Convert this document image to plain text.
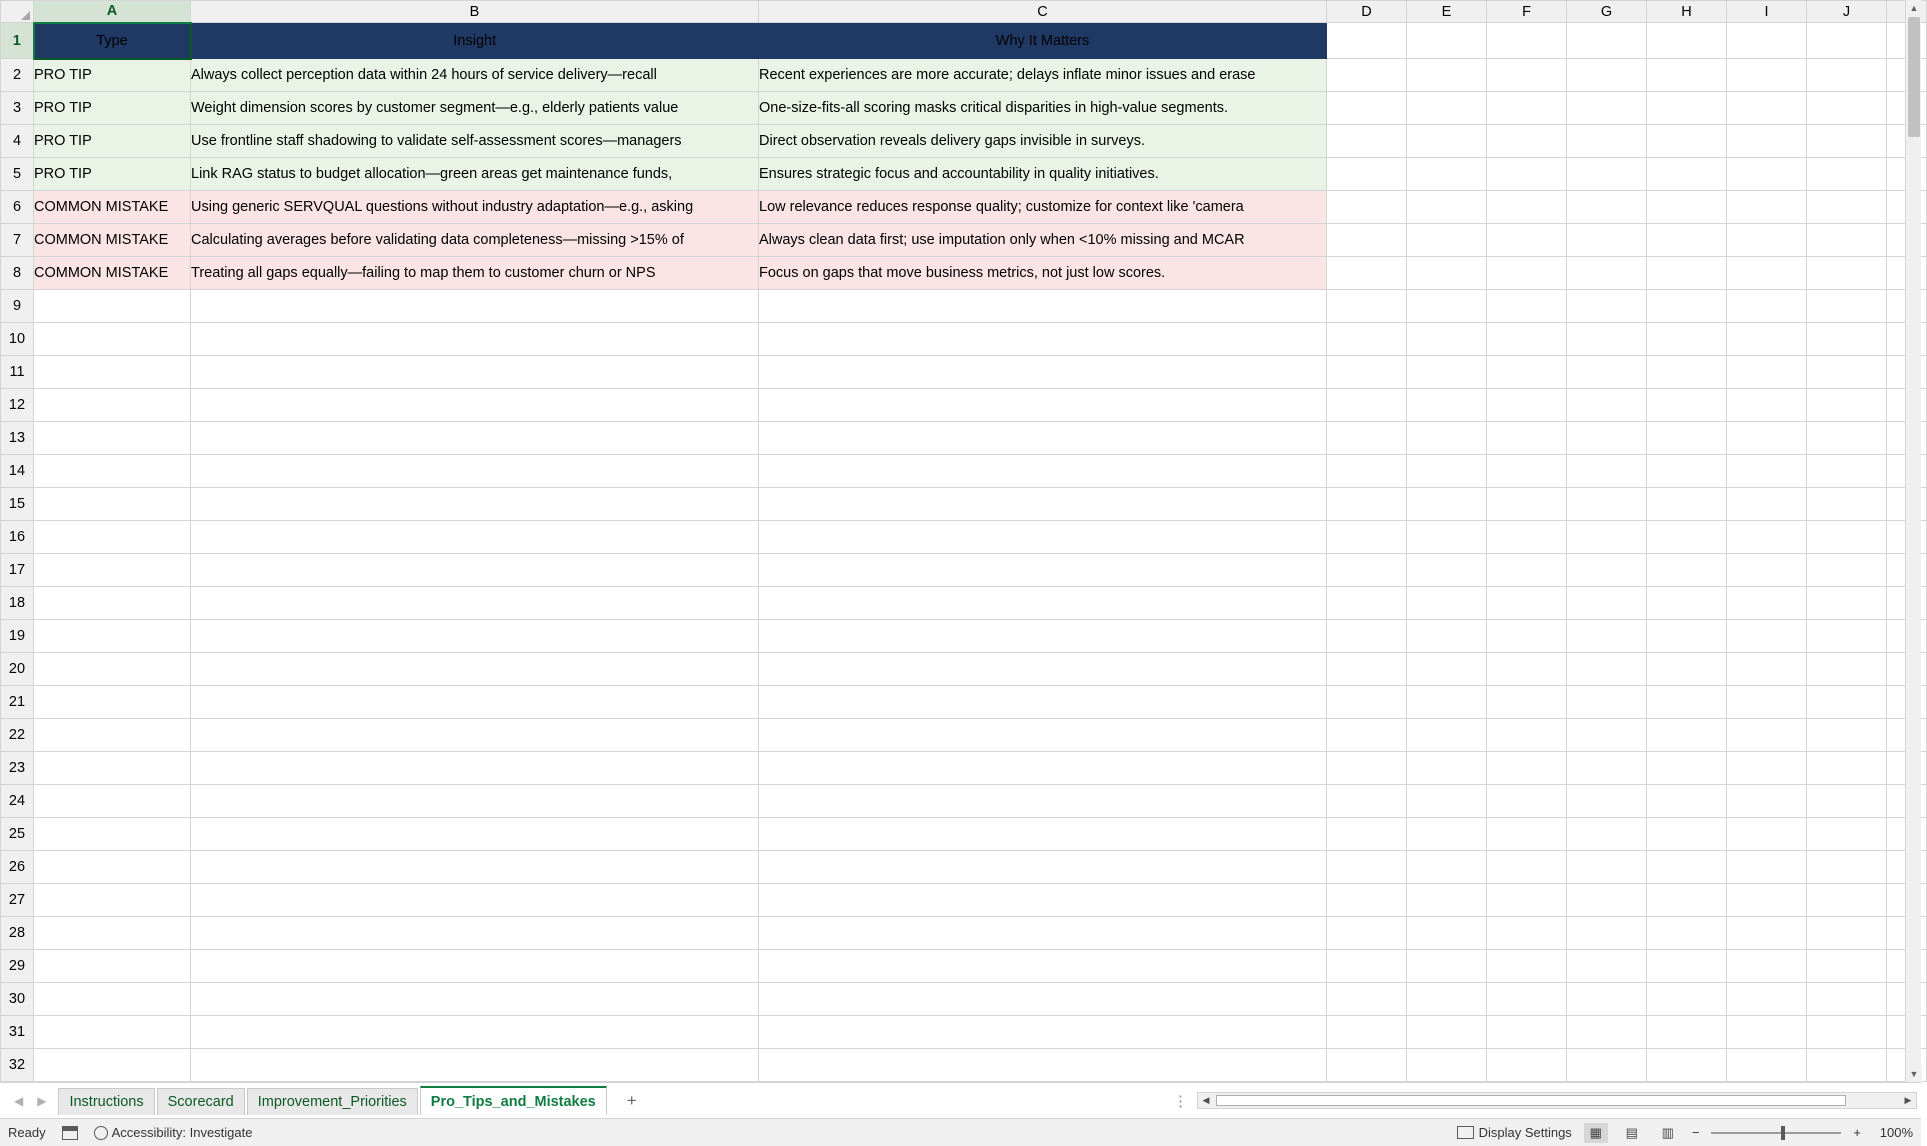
	A	B	C	D	E	F	G	H	I	J	
1	Type	Insight	Why It Matters								
2	PRO TIP	Always collect perception data within 24 hours of service delivery—recall	Recent experiences are more accurate; delays inflate minor issues and erase								
3	PRO TIP	Weight dimension scores by customer segment—e.g., elderly patients value	One-size-fits-all scoring masks critical disparities in high-value segments.								
4	PRO TIP	Use frontline staff shadowing to validate self-assessment scores—managers	Direct observation reveals delivery gaps invisible in surveys.								
5	PRO TIP	Link RAG status to budget allocation—green areas get maintenance funds,	Ensures strategic focus and accountability in quality initiatives.								
6	COMMON MISTAKE	Using generic SERVQUAL questions without industry adaptation—e.g., asking	Low relevance reduces response quality; customize for context like 'camera								
7	COMMON MISTAKE	Calculating averages before validating data completeness—missing >15% of	Always clean data first; use imputation only when <10% missing and MCAR								
8	COMMON MISTAKE	Treating all gaps equally—failing to map them to customer churn or NPS	Focus on gaps that move business metrics, not just low scores.								
9											
10											
11											
12											
13											
14											
15											
16											
17											
18											
19											
20											
21											
22											
23											
24											
25											
26											
27											
28											
29											
30											
31											
32											
▲
▼
◀ ▶	Instructions	Scorecard	Improvement_Priorities	Pro_Tips_and_Mistakes	+	⋮	◀	▶
Ready	Accessibility: Investigate	Display Settings	▦	▤	▥	−	+	100%
